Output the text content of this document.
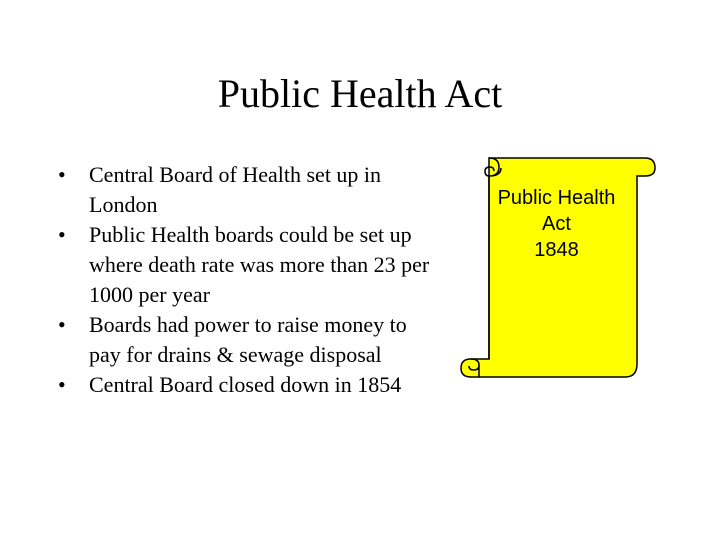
Public Health Act
•	Central Board of Health set up in London
•	Public Health boards could be set up where death rate was more than 23 per 1000 per year
•	Boards had power to raise money to pay for drains & sewage disposal
•	Central Board closed down in 1854
Public Health
Act
1848
